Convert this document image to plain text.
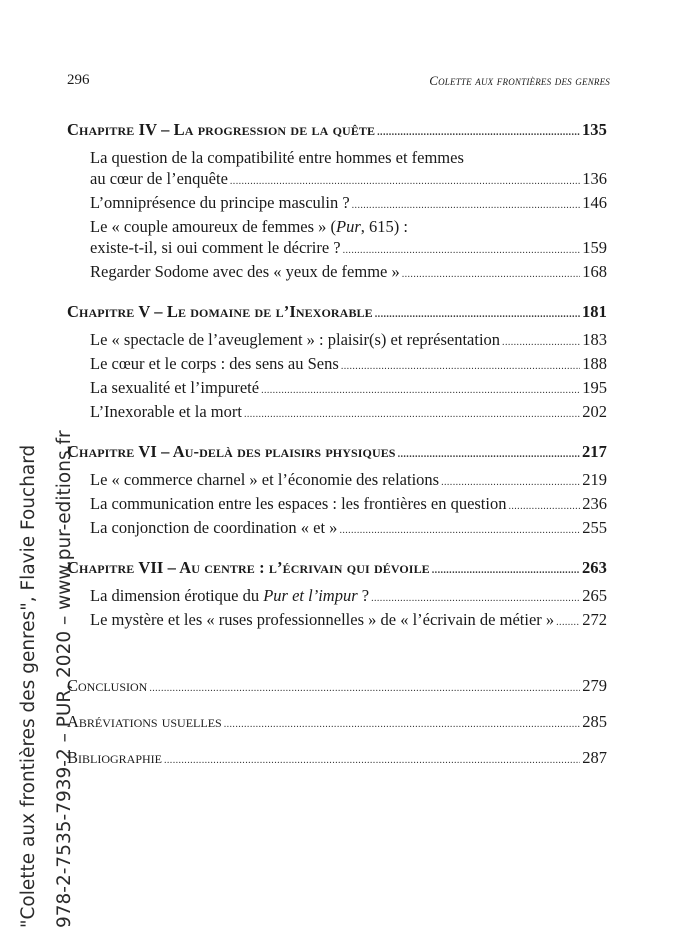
296	Colette aux frontières des genres
Chapitre IV – La progression de la quête .....	135
La question de la compatibilité entre hommes et femmes
au cœur de l’enquête .....	136
L’omniprésence du principe masculin ? .....	146
Le « couple amoureux de femmes » (Pur, 615) :
existe-t-il, si oui comment le décrire ? .....	159
Regarder Sodome avec des « yeux de femme » .....	168
Chapitre V – Le domaine de l’Inexorable .....	181
Le « spectacle de l’aveuglement » : plaisir(s) et représentation .....	183
Le cœur et le corps : des sens au Sens .....	188
La sexualité et l’impureté .....	195
L’Inexorable et la mort .....	202
Chapitre VI – Au-delà des plaisirs physiques .....	217
Le « commerce charnel » et l’économie des relations .....	219
La communication entre les espaces : les frontières en question .....	236
La conjonction de coordination « et » .....	255
Chapitre VII – Au centre : l’écrivain qui dévoile .....	263
La dimension érotique du Pur et l’impur ? .....	265
Le mystère et les « ruses professionnelles » de « l’écrivain de métier » ..... 272
Conclusion .....	279
Abréviations usuelles .....	285
Bibliographie .....	287
"Colette aux frontières des genres", Flavie Fouchard 978-2-7535-7939-2 – PUR, 2020 – www.pur-editions.fr
